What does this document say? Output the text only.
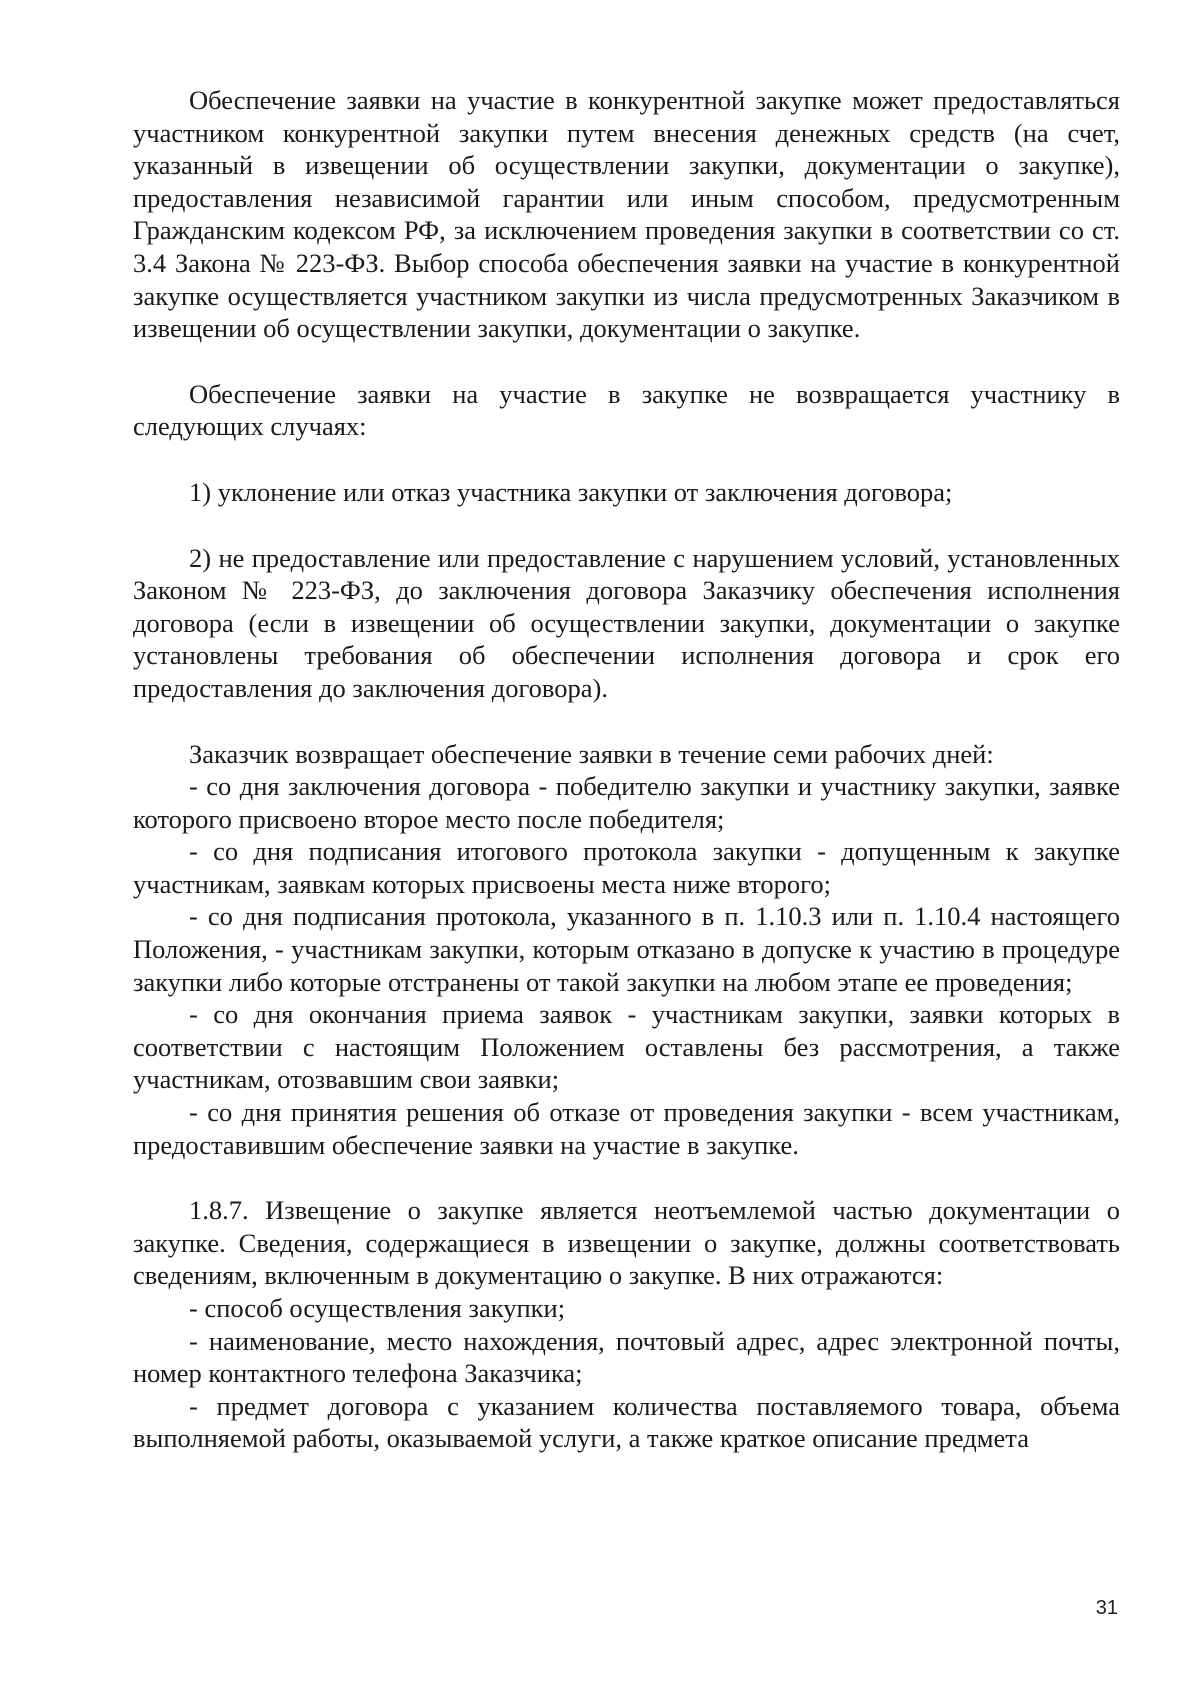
Обеспечение заявки на участие в конкурентной закупке может предоставляться участником конкурентной закупки путем внесения денежных средств (на счет, указанный в извещении об осуществлении закупки, документации о закупке), предоставления независимой гарантии или иным способом, предусмотренным Гражданским кодексом РФ, за исключением проведения закупки в соответствии со ст. 3.4 Закона № 223-ФЗ. Выбор способа обеспечения заявки на участие в конкурентной закупке осуществляется участником закупки из числа предусмотренных Заказчиком в извещении об осуществлении закупки, документации о закупке.

Обеспечение заявки на участие в закупке не возвращается участнику в следующих случаях:

1) уклонение или отказ участника закупки от заключения договора;

2) не предоставление или предоставление с нарушением условий, установленных Законом № 223-ФЗ, до заключения договора Заказчику обеспечения исполнения договора (если в извещении об осуществлении закупки, документации о закупке установлены требования об обеспечении исполнения договора и срок его предоставления до заключения договора).

Заказчик возвращает обеспечение заявки в течение семи рабочих дней:

- со дня заключения договора - победителю закупки и участнику закупки, заявке которого присвоено второе место после победителя;

- со дня подписания итогового протокола закупки - допущенным к закупке участникам, заявкам которых присвоены места ниже второго;

- со дня подписания протокола, указанного в п. 1.10.3 или п. 1.10.4 настоящего Положения, - участникам закупки, которым отказано в допуске к участию в процедуре закупки либо которые отстранены от такой закупки на любом этапе ее проведения;

- со дня окончания приема заявок - участникам закупки, заявки которых в соответствии с настоящим Положением оставлены без рассмотрения, а также участникам, отозвавшим свои заявки;

- со дня принятия решения об отказе от проведения закупки - всем участникам, предоставившим обеспечение заявки на участие в закупке.

1.8.7. Извещение о закупке является неотъемлемой частью документации о закупке. Сведения, содержащиеся в извещении о закупке, должны соответствовать сведениям, включенным в документацию о закупке. В них отражаются:

- способ осуществления закупки;

- наименование, место нахождения, почтовый адрес, адрес электронной почты, номер контактного телефона Заказчика;

- предмет договора с указанием количества поставляемого товара, объема выполняемой работы, оказываемой услуги, а также краткое описание предмета

31
